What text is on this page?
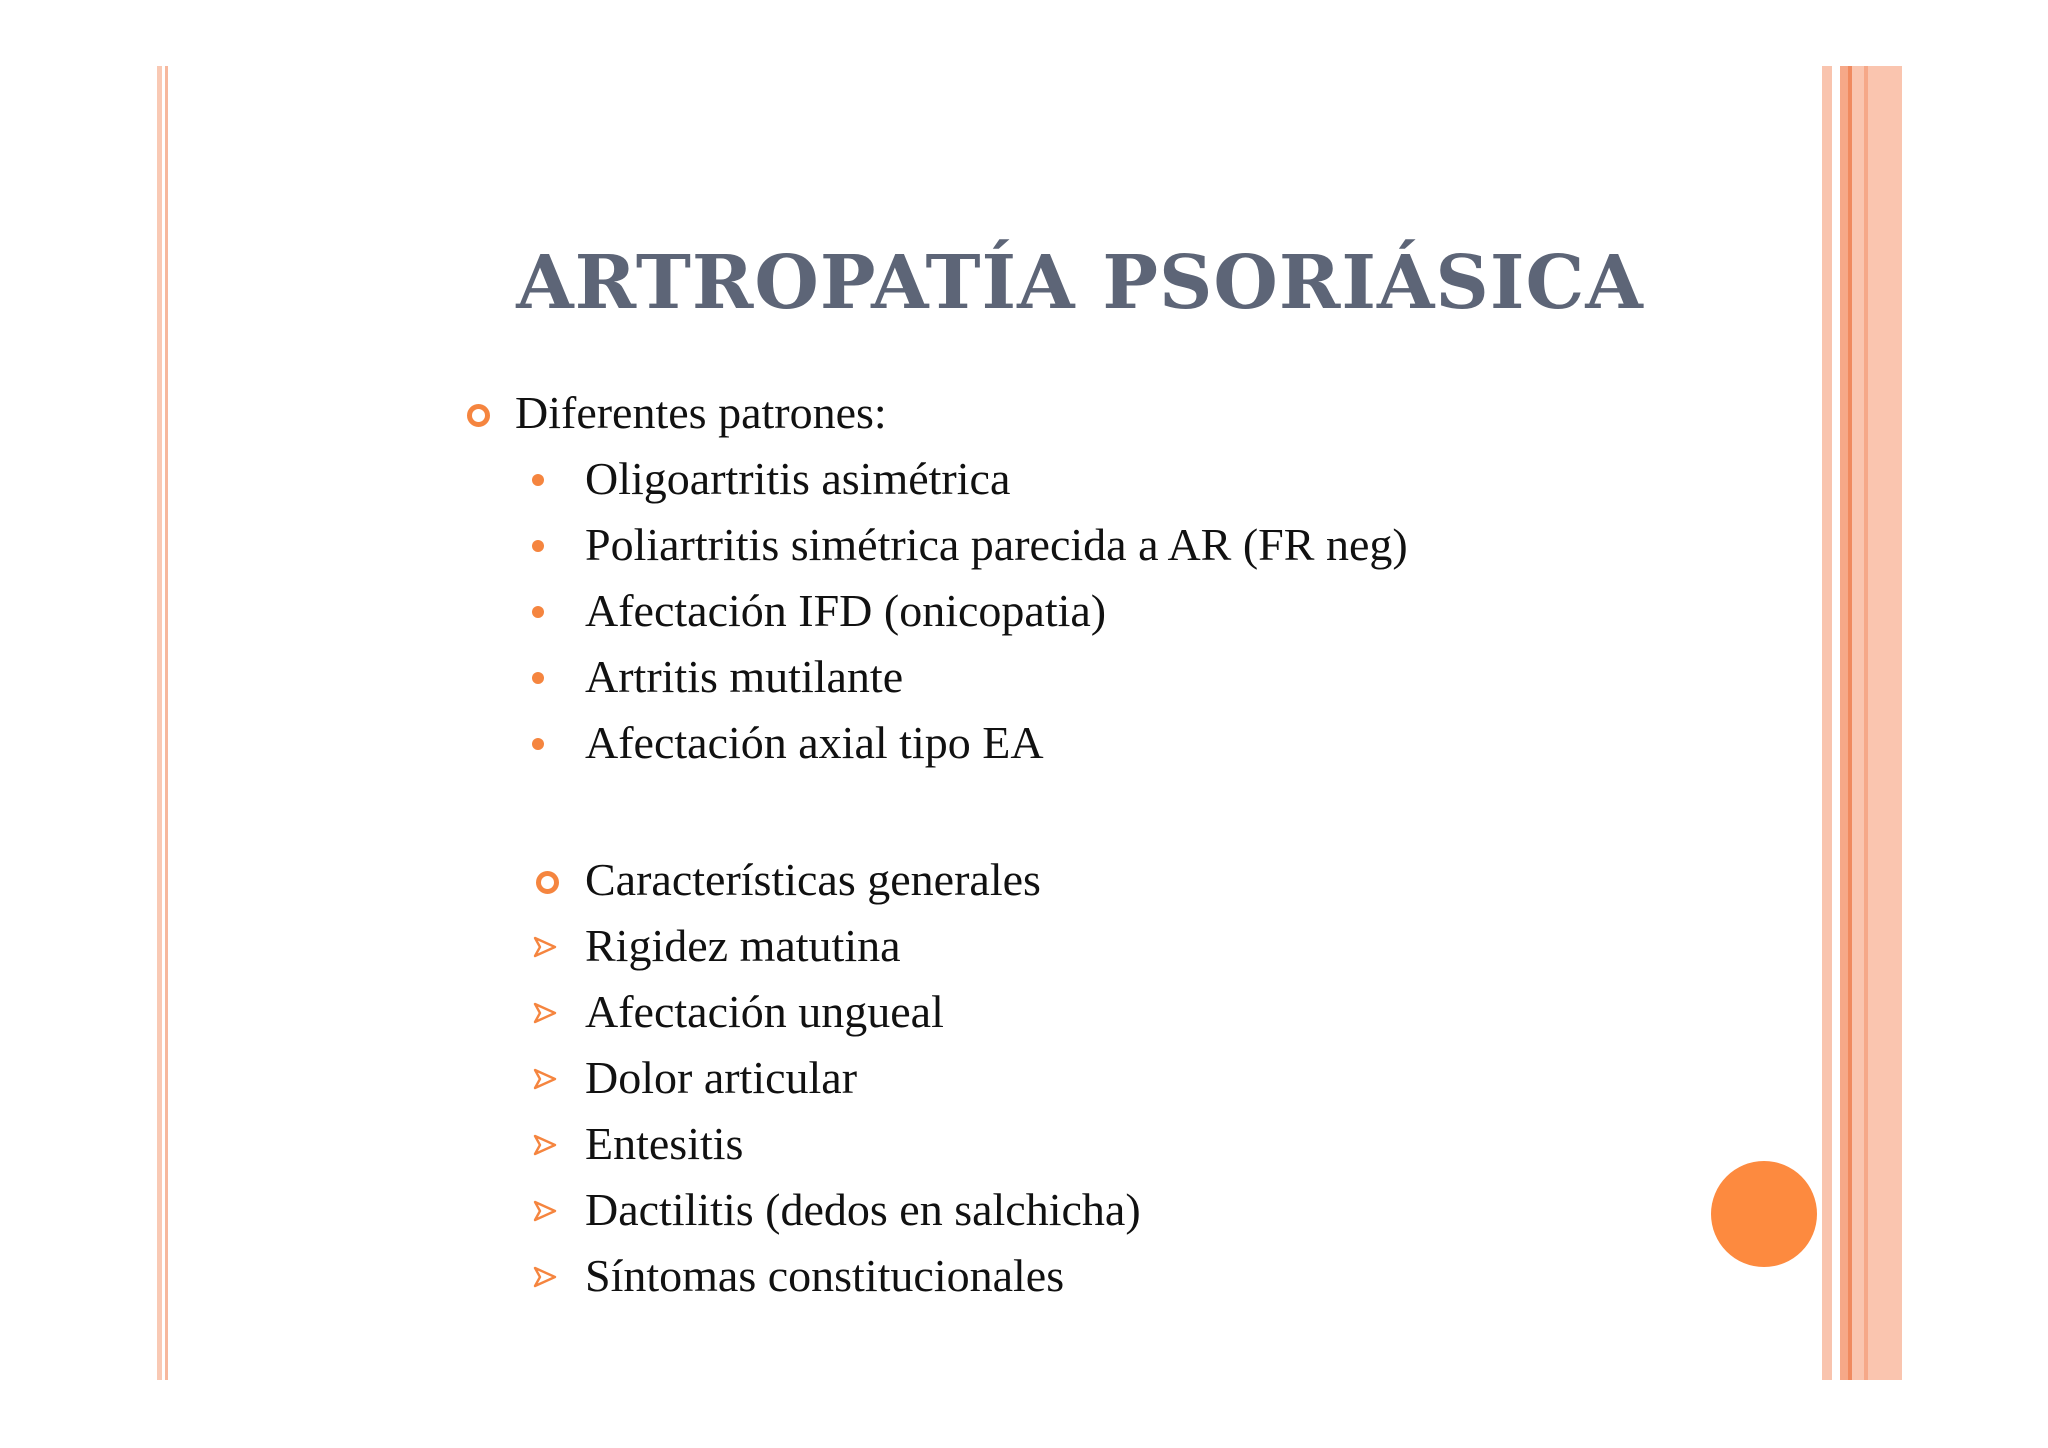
ARTROPATÍA PSORIÁSICA
Diferentes patrones:
Oligoartritis asimétrica
Poliartritis simétrica parecida a AR (FR neg)
Afectación IFD (onicopatia)
Artritis mutilante
Afectación axial tipo EA
Características generales
Rigidez matutina
Afectación ungueal
Dolor articular
Entesitis
Dactilitis (dedos en salchicha)
Síntomas constitucionales
